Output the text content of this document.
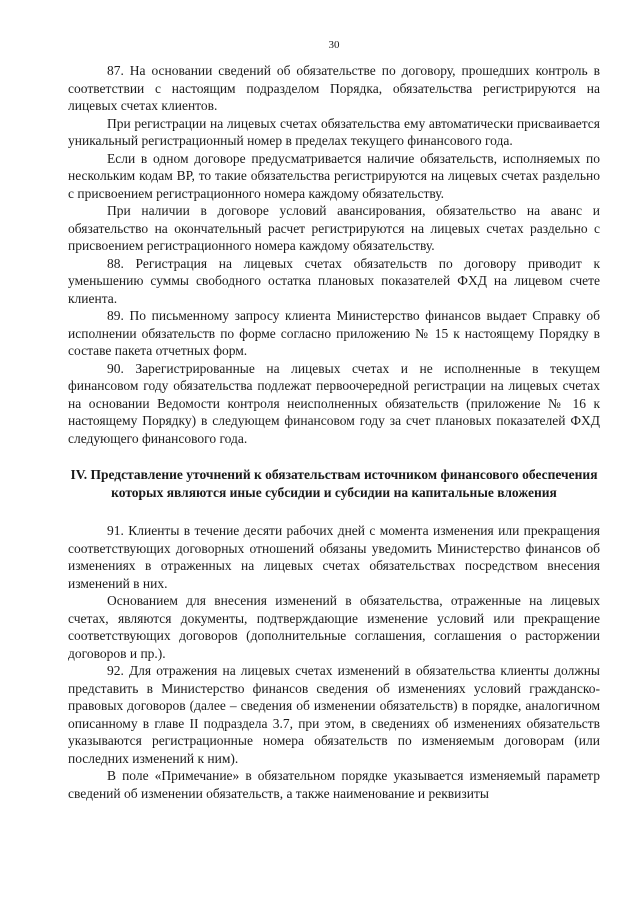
30

87. На основании сведений об обязательстве по договору, прошедших контроль в соответствии с настоящим подразделом Порядка, обязательства регистрируются на лицевых счетах клиентов.

При регистрации на лицевых счетах обязательства ему автоматически присваивается уникальный регистрационный номер в пределах текущего финансового года.

Если в одном договоре предусматривается наличие обязательств, исполняемых по нескольким кодам ВР, то такие обязательства регистрируются на лицевых счетах раздельно с присвоением регистрационного номера каждому обязательству.

При наличии в договоре условий авансирования, обязательство на аванс и обязательство на окончательный расчет регистрируются на лицевых счетах раздельно с присвоением регистрационного номера каждому обязательству.

88. Регистрация на лицевых счетах обязательств по договору приводит к уменьшению суммы свободного остатка плановых показателей ФХД на лицевом счете клиента.

89. По письменному запросу клиента Министерство финансов выдает Справку об исполнении обязательств по форме согласно приложению № 15 к настоящему Порядку в составе пакета отчетных форм.

90. Зарегистрированные на лицевых счетах и не исполненные в текущем финансовом году обязательства подлежат первоочередной регистрации на лицевых счетах на основании Ведомости контроля неисполненных обязательств (приложение № 16 к настоящему Порядку) в следующем финансовом году за счет плановых показателей ФХД следующего финансового года.

IV. Представление уточнений к обязательствам источником финансового обеспечения которых являются иные субсидии и субсидии на капитальные вложения

91. Клиенты в течение десяти рабочих дней с момента изменения или прекращения соответствующих договорных отношений обязаны уведомить Министерство финансов об изменениях в отраженных на лицевых счетах обязательствах посредством внесения изменений в них.

Основанием для внесения изменений в обязательства, отраженные на лицевых счетах, являются документы, подтверждающие изменение условий или прекращение соответствующих договоров (дополнительные соглашения, соглашения о расторжении договоров и пр.).

92. Для отражения на лицевых счетах изменений в обязательства клиенты должны представить в Министерство финансов сведения об изменениях условий гражданско-правовых договоров (далее – сведения об изменении обязательств) в порядке, аналогичном описанному в главе II подраздела 3.7, при этом, в сведениях об изменениях обязательств указываются регистрационные номера обязательств по изменяемым договорам (или последних изменений к ним).

В поле «Примечание» в обязательном порядке указывается изменяемый параметр сведений об изменении обязательств, а также наименование и реквизиты
